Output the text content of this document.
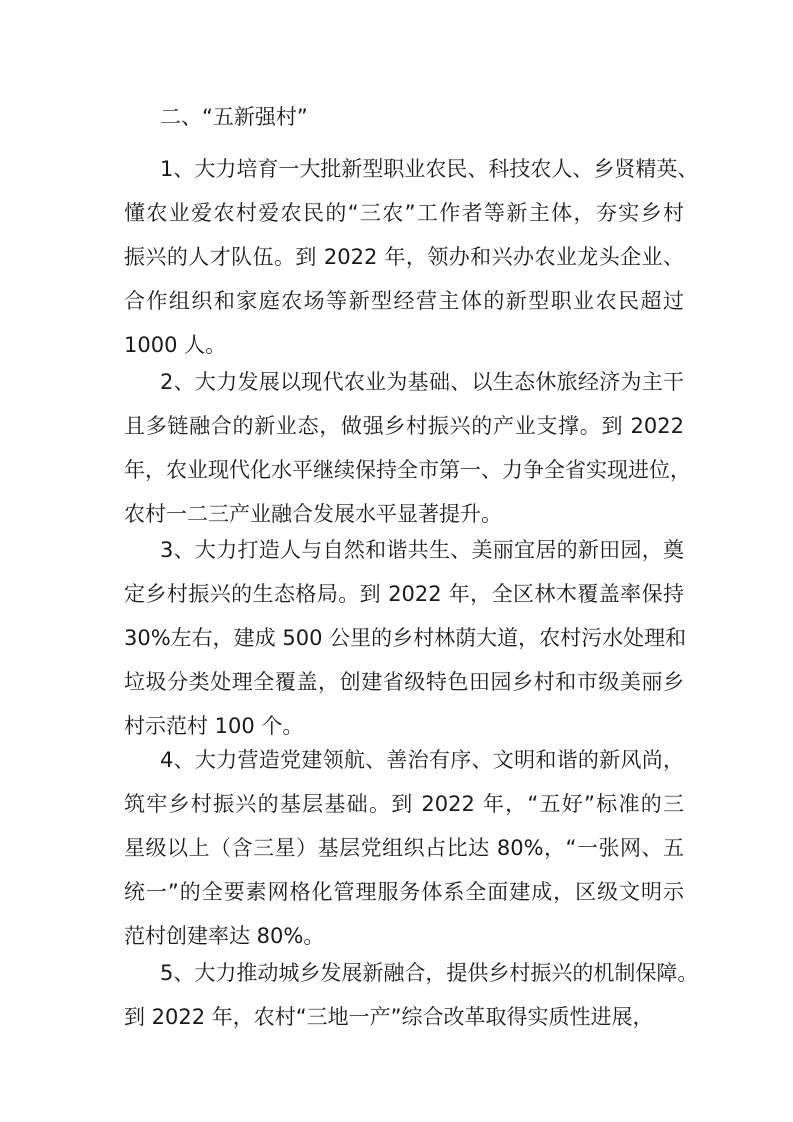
二、“五新强村”
1、大力培育一大批新型职业农民、科技农人、乡贤精英、
懂农业爱农村爱农民的“三农”工作者等新主体，夯实乡村
振兴的人才队伍。到 2022 年，领办和兴办农业龙头企业、
合作组织和家庭农场等新型经营主体的新型职业农民超过
1000 人。
2、大力发展以现代农业为基础、以生态休旅经济为主干
且多链融合的新业态，做强乡村振兴的产业支撑。到 2022
年，农业现代化水平继续保持全市第一、力争全省实现进位，
农村一二三产业融合发展水平显著提升。
3、大力打造人与自然和谐共生、美丽宜居的新田园，奠
定乡村振兴的生态格局。到 2022 年，全区林木覆盖率保持
30%左右，建成 500 公里的乡村林荫大道，农村污水处理和
垃圾分类处理全覆盖，创建省级特色田园乡村和市级美丽乡
村示范村 100 个。
4、大力营造党建领航、善治有序、文明和谐的新风尚，
筑牢乡村振兴的基层基础。到 2022 年，“五好”标准的三
星级以上（含三星）基层党组织占比达 80%，“一张网、五
统一”的全要素网格化管理服务体系全面建成，区级文明示
范村创建率达 80%。
5、大力推动城乡发展新融合，提供乡村振兴的机制保障。
到 2022 年，农村“三地一产”综合改革取得实质性进展，
